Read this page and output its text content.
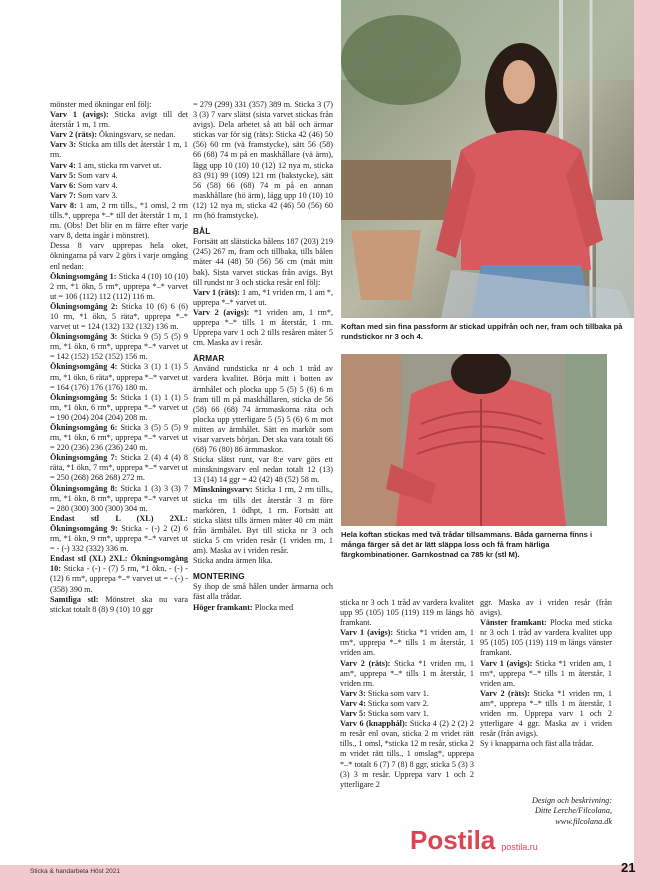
mönster med ökningar enl följ:

Varv 1 (avigs): Sticka avigt till det återstår 1 m, 1 rm.

Varv 2 (räts): Ökningsvarv, se nedan.

Varv 3: Sticka am tills det återstår 1 m, 1 rm.

Varv 4: 1 am, sticka rm varvet ut.

Varv 5: Som varv 4.

Varv 6: Som varv 4.

Varv 7: Som varv 3.

Varv 8: 1 am, 2 rm tills., *1 omsl, 2 rm tills.*, upprepa *–* till det återstår 1 m, 1 rm. (Obs! Det blir en m färre efter varje varv 8, detta ingår i mönstret).

Dessa 8 varv upprepas hela oket, ökningarna på varv 2 görs i varje omgång enl nedan:

Ökningsomgång 1: Sticka 4 (10) 10 (10) 2 rm, *1 ökn, 5 rm*, upprepa *–* varvet ut = 106 (112) 112 (112) 116 m.

Ökningsomgång 2: Sticka 10 (6) 6 (6) 10 rm, *1 ökn, 5 räta*, upprepa *–* varvet ut = 124 (132) 132 (132) 136 m.

Ökningsomgång 3: Sticka 9 (5) 5 (5) 9 rm, *1 ökn, 6 rm*, upprepa *–* varvet ut = 142 (152) 152 (152) 156 m.

Ökningsomgång 4: Sticka 3 (1) 1 (1) 5 rm, *1 ökn, 6 räta*, upprepa *–* varvet ut = 164 (176) 176 (176) 180 m.

Ökningsomgång 5: Sticka 1 (1) 1 (1) 5 rm, *1 ökn, 6 rm*, upprepa *–* varvet ut = 190 (204) 204 (204) 208 m.

Ökningsomgång 6: Sticka 3 (5) 5 (5) 9 rm, *1 ökn, 6 rm*, upprepa *–* varvet ut = 220 (236) 236 (236) 240 m.

Ökningsomgång 7: Sticka 2 (4) 4 (4) 8 räta, *1 ökn, 7 rm*, upprepa *–* varvet ut = 250 (268) 268 268) 272 m.

Ökningsomgång 8: Sticka 1 (3) 3 (3) 7 rm, *1 ökn, 8 rm*, upprepa *–* varvet ut = 280 (300) 300 (300) 304 m.

Endast stl L (XL) 2XL: Ökningsomgång 9: Sticka - (-) 2 (2) 6 rm, *1 ökn, 9 rm*, upprepa *–* varvet ut = - (-) 332 (332) 336 m.

Endast stl (XL) 2XL: Ökningsomgång 10: Sticka - (-) - (7) 5 rm, *1 ökn, - (-) - (12) 6 rm*, upprepa *–* varvet ut = - (-) - (358) 390 m.

Samtliga stl: Mönstret ska nu vara stickat totalt 8 (8) 9 (10) 10 ggr

= 279 (299) 331 (357) 389 m. Sticka 3 (7) 3 (3) 7 varv slätst (sista varvet stickas från avigs). Dela arbetet så att bål och ärmar stickas var för sig (räts): Sticka 42 (46) 50 (56) 60 rm (vä framstycke), sätt 56 (58) 66 (68) 74 m på en maskhållare (vä ärm), lägg upp 10 (10) 10 (12) 12 nya m, sticka 83 (91) 99 (109) 121 rm (bakstycke), sätt 56 (58) 66 (68) 74 m på en annan maskhållare (hö ärm), lägg upp 10 (10) 10 (12) 12 nya m, sticka 42 (46) 50 (56) 60 rm (hö framstycke).

BÅL

Fortsätt att slätsticka bålens 187 (203) 219 (245) 267 m, fram och tillbaka, tills bålen mäter 44 (48) 50 (56) 56 cm (mät mitt bak). Sista varvet stickas från avigs. Byt till rundst nr 3 och sticka resår enl följ:

Varv 1 (räts): 1 am, *1 vriden rm, 1 am *, upprepa *–* varvet ut.

Varv 2 (avigs): *1 vriden am, 1 rm*, upprepa *–* tills 1 m återstår, 1 rm. Upprepa varv 1 och 2 tills resåren mäter 5 cm. Maska av i resår.

ÄRMAR

Använd rundsticka nr 4 och 1 tråd av vardera kvalitet. Börja mitt i botten av ärmhålet och plocka upp 5 (5) 5 (6) 6 m fram till m på maskhållaren, sticka de 56 (58) 66 (68) 74 ärmmaskorna räta och plocka upp ytterligare 5 (5) 5 (6) 6 m mot mitten av ärmhålet. Sätt en markör som visar varvets början. Det ska vara totalt 66 (68) 76 (80) 86 ärmmaskor.

Sticka slätst runt, var 8:e varv görs ett minskningsvarv enl nedan totalt 12 (13) 13 (14) 14 ggr = 42 (42) 48 (52) 58 m.

Minskningsvarv: Sticka 1 rm, 2 rm tills., sticka rm tills det återstår 3 m före markören, 1 ödhpt, 1 rm. Fortsätt att sticka slätst tills ärmen mäter 40 cm mätt från ärmhålet. Byt till sticka nr 3 och sticka 5 cm vriden resår (1 vriden rm, 1 am). Maska av i vriden resår.

Sticka andra ärmen lika.

MONTERING

Sy ihop de små hålen under ärmarna och fäst alla trådar.

Höger framkant: Plocka med	sticka nr 3 och 1 tråd av vardera kvalitet upp 95 (105) 105 (119) 119 m längs hö framkant.

Varv 1 (avigs): Sticka *1 vriden am, 1 rm*, upprepa *–* tills 1 m återstår, 1 vriden am.

Varv 2 (räts): Sticka *1 vriden rm, 1 am*, upprepa *–* tills 1 m återstår, 1 vriden rm.

Varv 3: Sticka som varv 1.

Varv 4: Sticka som varv 2.

Varv 5: Sticka som varv 1.

Varv 6 (knapphål): Sticka 4 (2) 2 (2) 2 m resår enl ovan, sticka 2 m vridet rätt tills., 1 omsl, *sticka 12 m resår, sticka 2 m vridet rätt tills., 1 omslag*, upprepa *–* totalt 6 (7) 7 (8) 8 ggr, sticka 5 (3) 3 (3) 3 m resår. Upprepa varv 1 och 2 ytterligare 2

ggr. Maska av i vriden resår (från avigs).

Vänster framkant: Plocka med sticka nr 3 och 1 tråd av vardera kvalitet upp 95 (105) 105 (119) 119 m längs vänster framkant.

Varv 1 (avigs): Sticka *1 vriden am, 1 rm*, upprepa *–* tills 1 m återstår, 1 vriden am.

Varv 2 (räts): Sticka *1 vriden rm, 1 am*, upprepa *–* tills 1 m återstår, 1 vriden rm. Upprepa varv 1 och 2 ytterligare 4 ggr. Maska av i vriden resår (från avigs).

Sy i knapparna och fäst alla trådar.

Koftan med sin fina passform är stickad uppifrån och ner, fram och tillbaka på rundstickor nr 3 och 4.
Hela koftan stickas med två trådar tillsammans. Båda garnerna finns i många färger så det är lätt släppa loss och få fram härliga färgkombinationer. Garnkostnad ca 785 kr (stl M).
Design och beskrivning:
Ditte Lerche/Filcolana,
www.filcolana.dk
Postila postila.ru
Sticka & handarbeta Höst 2021	21
